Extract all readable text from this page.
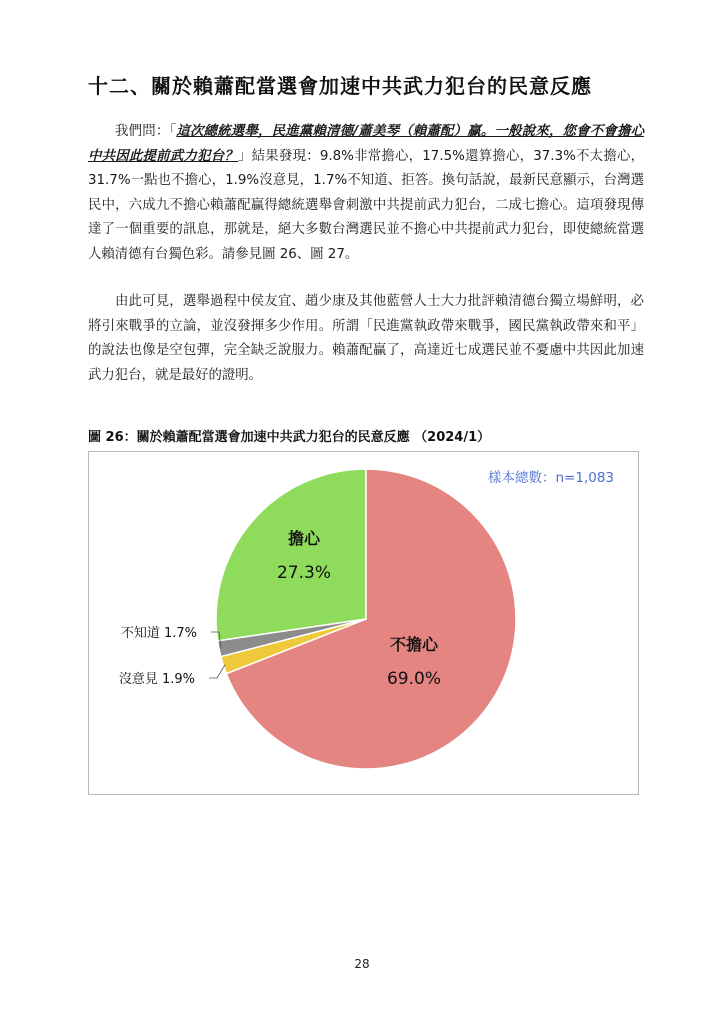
十二、關於賴蕭配當選會加速中共武力犯台的民意反應

我們問：「這次總統選舉，民進黨賴清德/蕭美琴（賴蕭配）贏。一般說來，您會不會擔心中共因此提前武力犯台？」結果發現：9.8%非常擔心，17.5%還算擔心，37.3%不太擔心，31.7%一點也不擔心，1.9%沒意見，1.7%不知道、拒答。換句話說，最新民意顯示，台灣選民中，六成九不擔心賴蕭配贏得總統選舉會刺激中共提前武力犯台，二成七擔心。這項發現傳達了一個重要的訊息，那就是，絕大多數台灣選民並不擔心中共提前武力犯台，即使總統當選人賴清德有台獨色彩。請參見圖 26、圖 27。

由此可見，選舉過程中侯友宜、趙少康及其他藍營人士大力批評賴清德台獨立場鮮明，必將引來戰爭的立論，並沒發揮多少作用。所謂「民進黨執政帶來戰爭，國民黨執政帶來和平」的說法也像是空包彈，完全缺乏說服力。賴蕭配贏了，高達近七成選民並不憂慮中共因此加速武力犯台，就是最好的證明。

圖 26：關於賴蕭配當選會加速中共武力犯台的民意反應 （2024/1）

樣本總數：n=1,083

擔心
27.3%
不擔心
69.0%
沒意見 1.9%
不知道 1.7%

28
